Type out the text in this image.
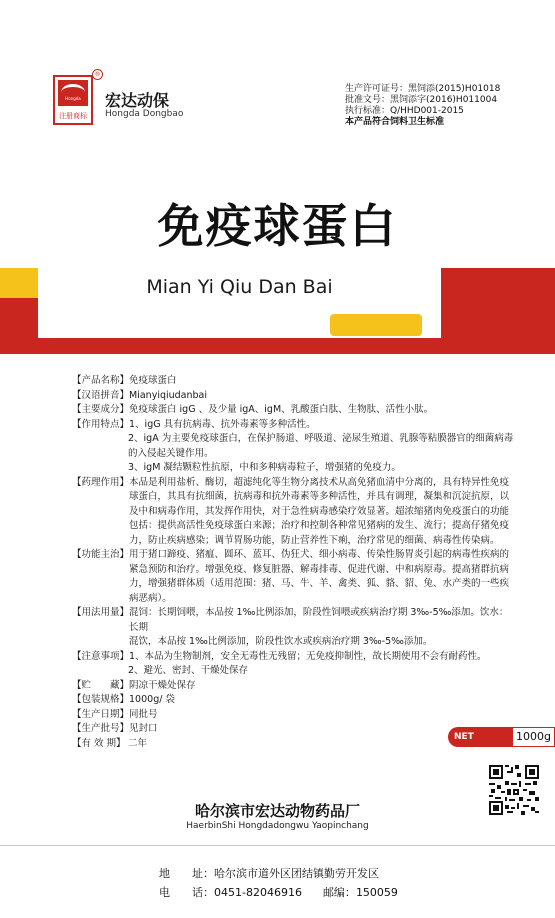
Hongda
注册商标
®
宏达动保
Hongda Dongbao
生产许可证号：黑饲添(2015)H01018
批准文号：黑饲添字(2016)H011004
执行标准：Q/HHD001-2015
本产品符合饲料卫生标准
免疫球蛋白
Mian Yi Qiu Dan Bai
【产品名称】 免疫球蛋白
【汉语拼音】 Mianyiqiudanbai
【主要成分】 免疫球蛋白 igG 、及少量 igA、igM、乳酸蛋白肽、生物肽、活性小肽。
【作用特点】 1、igG 具有抗病毒、抗外毒素等多种活性。
2、igA 为主要免疫球蛋白，在保护肠道、呼吸道、泌尿生殖道、乳腺等粘膜器官的细菌病毒
的入侵起关键作用。
3、igM 凝结颗粒性抗原，中和多种病毒粒子，增强猪的免疫力。
【药理作用】 本品是利用盐析、酶切，超滤纯化等生物分离技术从高免猪血清中分离的，具有特异性免疫
球蛋白，其具有抗细菌，抗病毒和抗外毒素等多种活性，并具有调理，凝集和沉淀抗原，以
及中和病毒作用，其发挥作用快，对于急性病毒感染疗效显著。超浓缩猪肉免疫蛋白的功能
包括：提供高活性免疫球蛋白来源；治疗和控制各种常见猪病的发生、流行；提高仔猪免疫
力，防止疾病感染；调节胃肠功能，防止营养性下痢，治疗常见的细菌、病毒性传染病。
【功能主治】 用于猪口蹄疫、猪瘟、圆环、蓝耳、伪狂犬、细小病毒、传染性肠胃炎引起的病毒性疾病的
紧急预防和治疗。增强免疫、修复脏器、解毒排毒、促进代谢、中和病原毒。提高猪群抗病
力，增强猪群体质（适用范围：猪、马、牛、羊、禽类、狐、貉、貂、兔、水产类的一些疾
病恶病）。
【用法用量】 混饲：长期饲喂，本品按 1‰比例添加，阶段性饲喂或疾病治疗期 3‰-5‰添加。饮水：长期
混饮，本品按 1‰比例添加，阶段性饮水或疾病治疗期 3‰-5‰添加。
【注意事项】 1、本品为生物制剂，安全无毒性无残留；无免疫抑制性，故长期使用不会有耐药性。
2、避光、密封、干燥处保存
【贮　　藏】 阴凉干燥处保存
【包装规格】 1000g/ 袋
【生产日期】 同批号
【生产批号】 见封口
【有 效 期】 二年
NET WEIGHT
1000g
哈尔滨市宏达动物药品厂
HaerbinShi Hongdadongwu Yaopinchang
地　　址：哈尔滨市道外区团结镇勤劳开发区
电　　话：0451-82046916 邮编：150059
